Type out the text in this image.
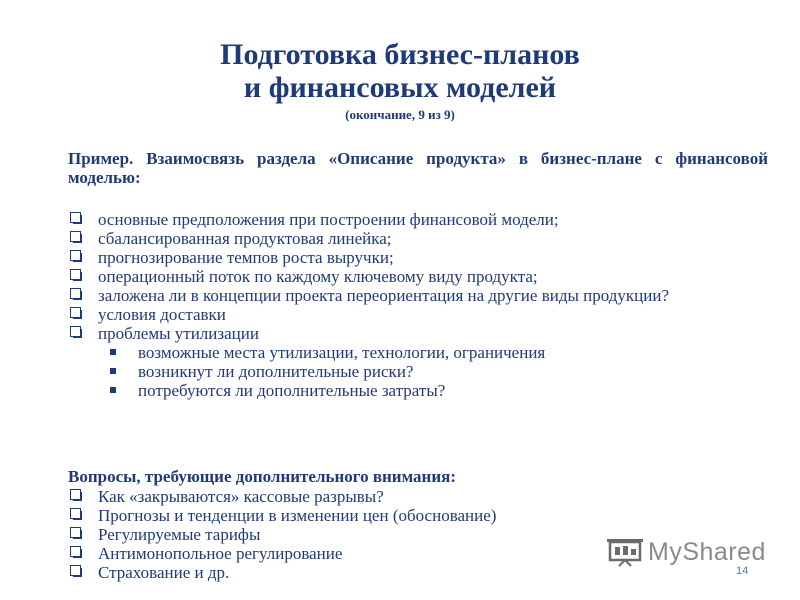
Подготовка бизнес-планов
и финансовых моделей
(окончание, 9 из 9)
Пример. Взаимосвязь раздела «Описание продукта» в бизнес-плане с финансовой моделью:
основные предположения при построении финансовой модели;
сбалансированная продуктовая линейка;
прогнозирование темпов роста выручки;
операционный поток по каждому ключевому виду продукта;
заложена ли в концепции проекта переориентация на другие виды продукции?
условия доставки
проблемы утилизации
возможные места утилизации, технологии, ограничения
возникнут ли дополнительные риски?
потребуются ли дополнительные затраты?
Вопросы, требующие дополнительного внимания:
Как «закрываются» кассовые разрывы?
Прогнозы и тенденции в изменении цен (обоснование)
Регулируемые тарифы
Антимонопольное регулирование
Страхование и др.
MyShared
14
